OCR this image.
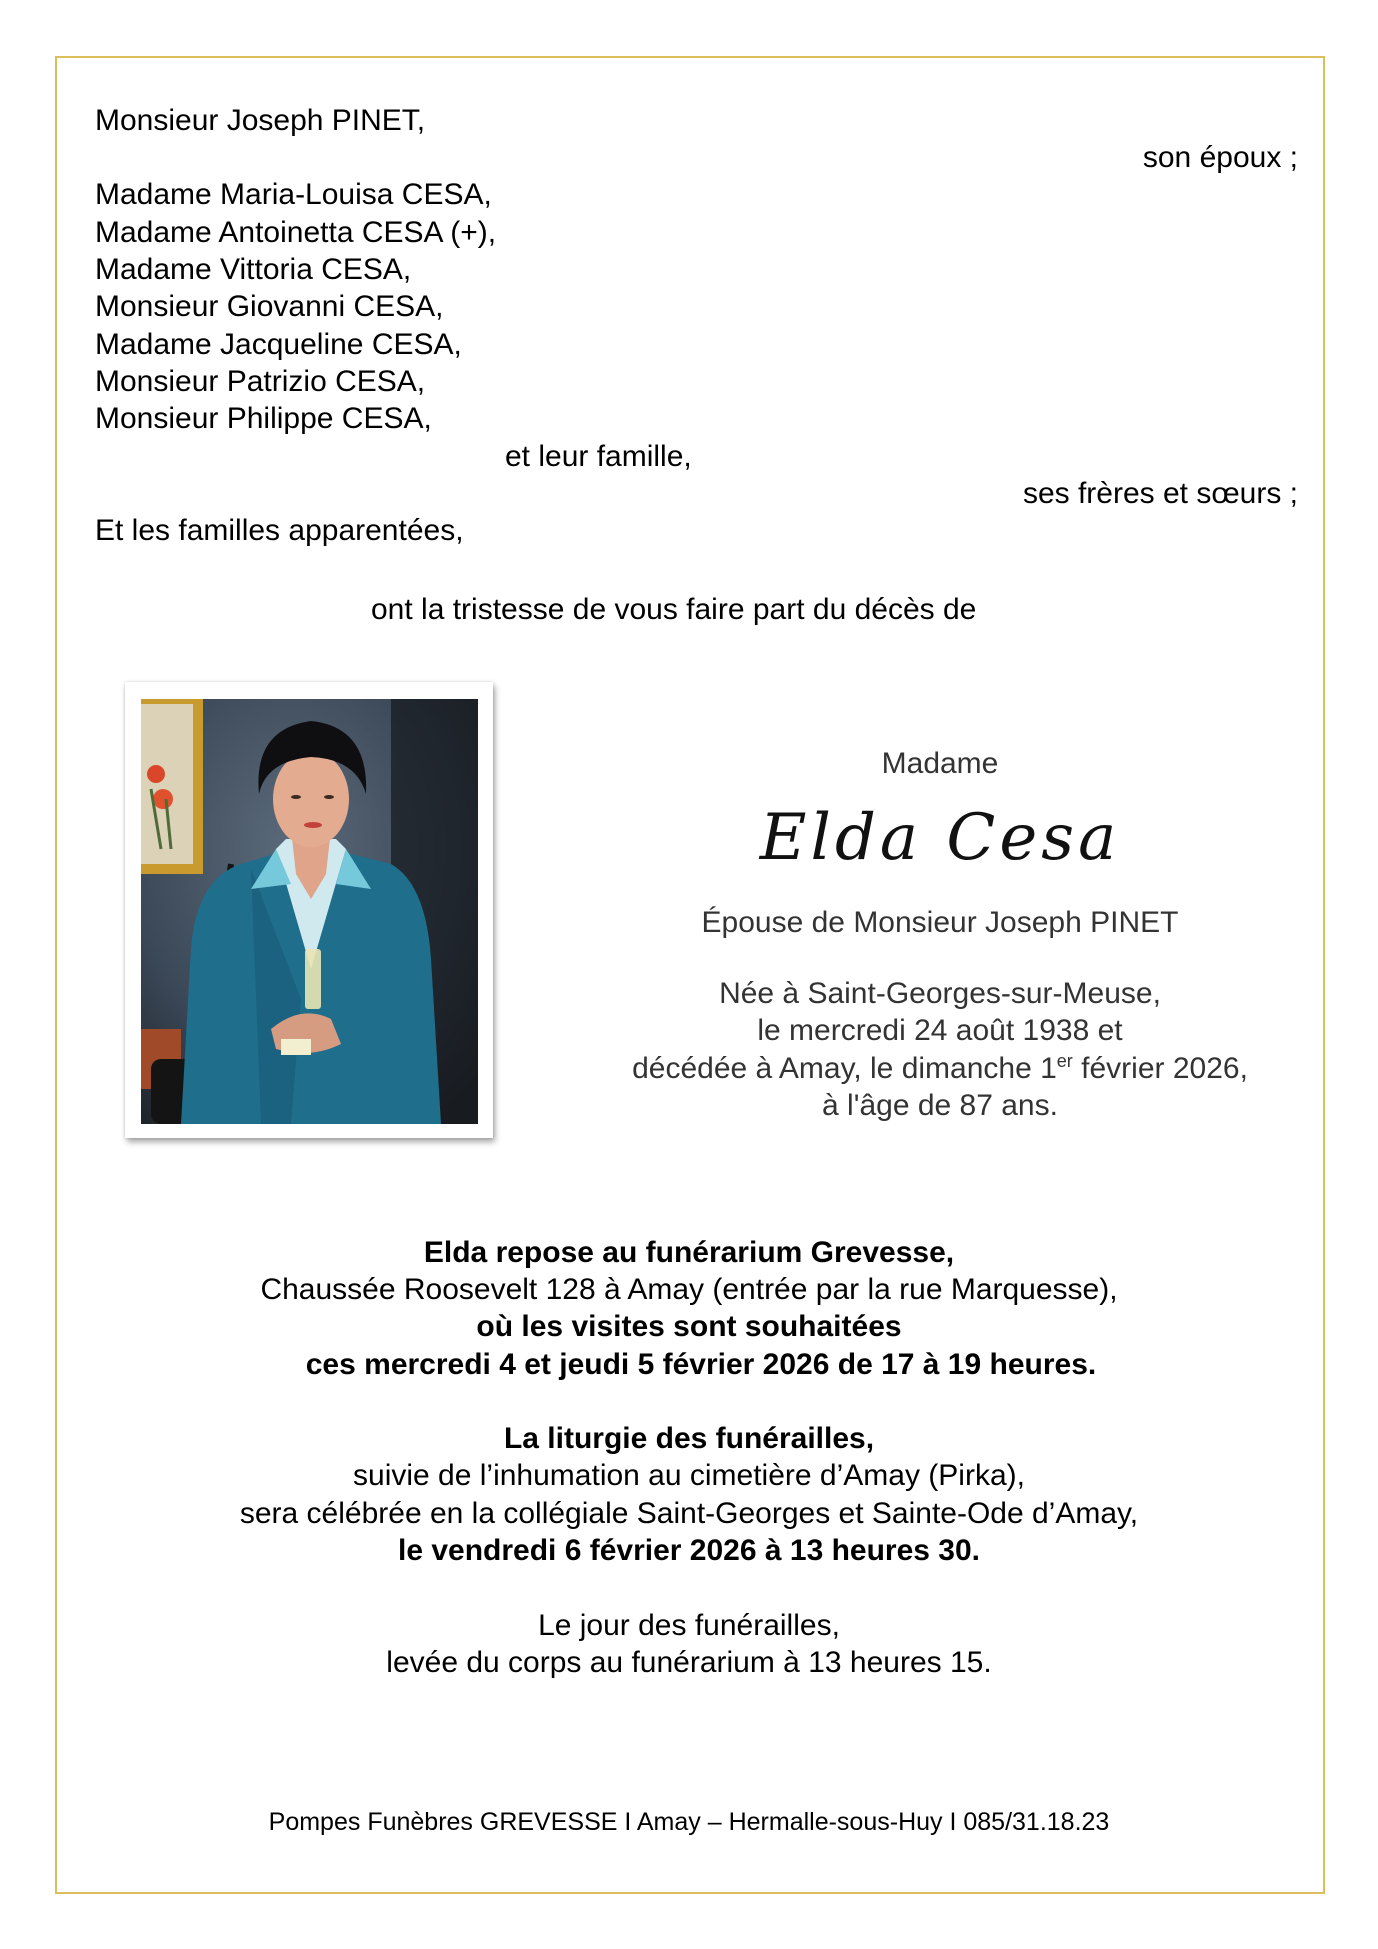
Monsieur Joseph PINET,
son époux ;
Madame Maria-Louisa CESA,
Madame Antoinetta CESA (+),
Madame Vittoria CESA,
Monsieur Giovanni CESA,
Madame Jacqueline CESA,
Monsieur Patrizio CESA,
Monsieur Philippe CESA,
et leur famille,
ses frères et sœurs ;
Et les familles apparentées,
ont la tristesse de vous faire part du décès de
Madame
Elda Cesa
Épouse de Monsieur Joseph PINET
Née à Saint-Georges-sur-Meuse,
le mercredi 24 août 1938 et
décédée à Amay, le dimanche 1er février 2026,
à l'âge de 87 ans.
Elda repose au funérarium Grevesse,
Chaussée Roosevelt 128 à Amay (entrée par la rue Marquesse),
où les visites sont souhaitées
ces mercredi 4 et jeudi 5 février 2026 de 17 à 19 heures.
La liturgie des funérailles,
suivie de l’inhumation au cimetière d’Amay (Pirka),
sera célébrée en la collégiale Saint-Georges et Sainte-Ode d’Amay,
le vendredi 6 février 2026 à 13 heures 30.
Le jour des funérailles,
levée du corps au funérarium à 13 heures 15.
Pompes Funèbres GREVESSE I Amay – Hermalle-sous-Huy I 085/31.18.23
